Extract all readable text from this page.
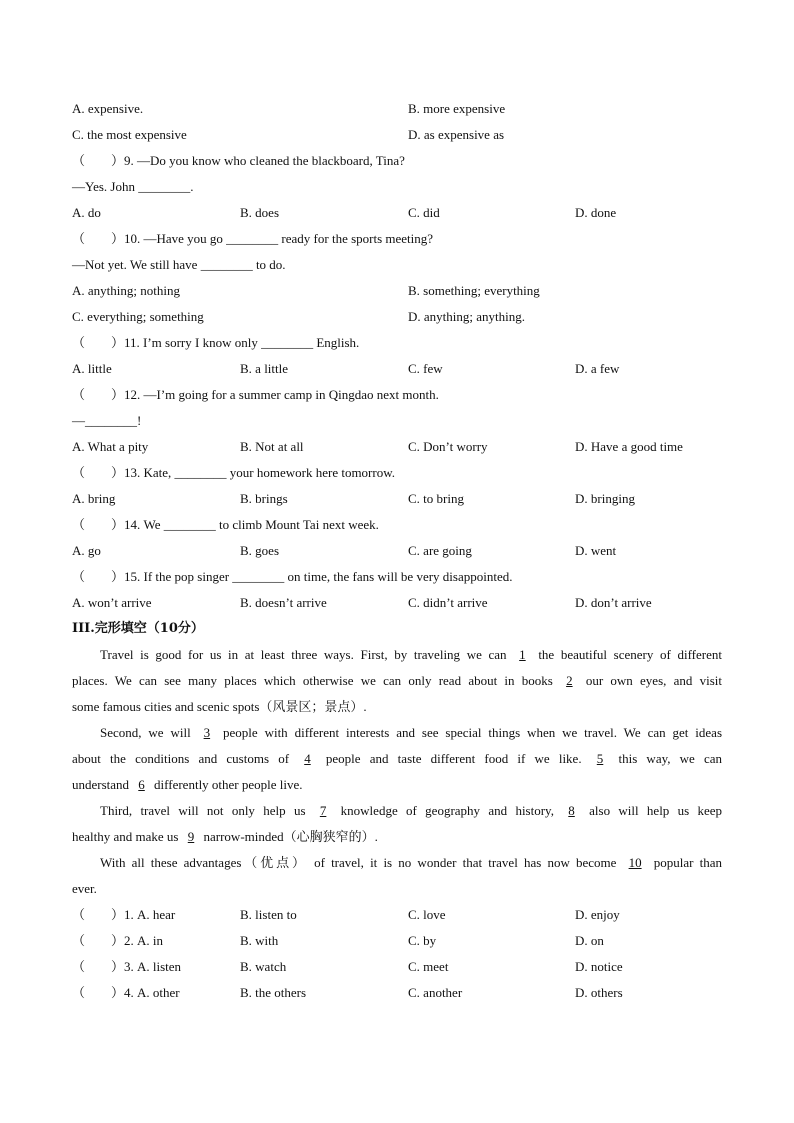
A. expensive.	B. more expensive
C. the most expensive	D. as expensive as
（　　）9. —Do you know who cleaned the blackboard, Tina?
—Yes. John ________.
A. do	B. does	C. did	D. done
（　　）10. —Have you go ________ ready for the sports meeting?
—Not yet. We still have ________ to do.
A. anything; nothing	B. something; everything
C. everything; something	D. anything; anything.
（　　）11. I’m sorry I know only ________ English.
A. little	B. a little	C. few	D. a few
（　　）12. —I’m going for a summer camp in Qingdao next month.
—________!
A. What a pity	B. Not at all	C. Don’t worry	D. Have a good time
（　　）13. Kate, ________ your homework here tomorrow.
A. bring	B. brings	C. to bring	D. bringing
（　　）14. We ________ to climb Mount Tai next week.
A. go	B. goes	C. are going	D. went
（　　）15. If the pop singer ________ on time, the fans will be very disappointed.
A. won’t arrive	B. doesn’t arrive	C. didn’t arrive	D. don’t arrive
III.完形填空（10分）
Travel is good for us in at least three ways. First, by traveling we can 1 the beautiful scenery of different
places. We can see many places which otherwise we can only read about in books 2 our own eyes, and visit
some famous cities and scenic spots（风景区；景点）.
Second, we will 3 people with different interests and see special things when we travel. We can get ideas
about the conditions and customs of 4 people and taste different food if we like. 5 this way, we can
understand 6 differently other people live.
Third, travel will not only help us 7 knowledge of geography and history, 8 also will help us keep
healthy and make us 9 narrow-minded（心胸狭窄的）.
With all these advantages（优点） of travel, it is no wonder that travel has now become 10 popular than
ever.
（　　）1. A. hear	B. listen to	C. love	D. enjoy
（　　）2. A. in	B. with	C. by	D. on
（　　）3. A. listen	B. watch	C. meet	D. notice
（　　）4. A. other	B. the others	C. another	D. others
